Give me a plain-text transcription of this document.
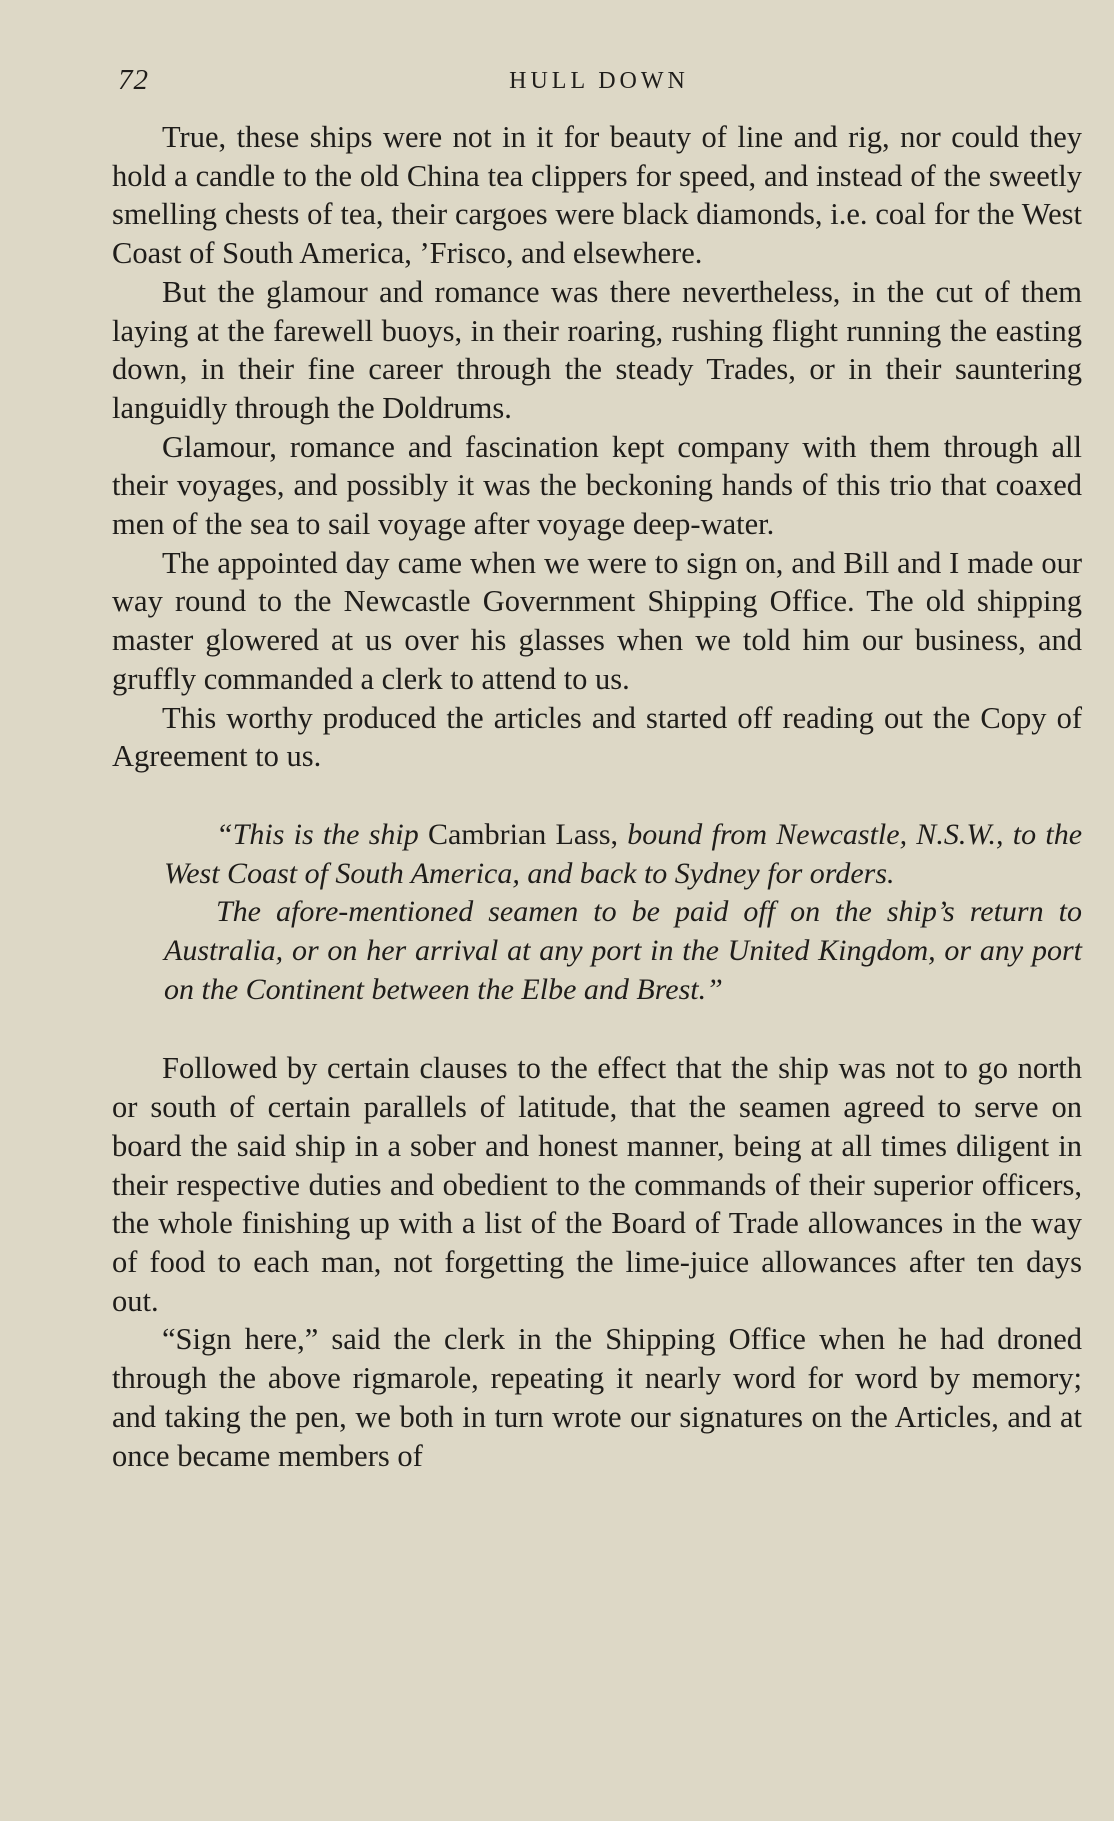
72	HULL DOWN

True, these ships were not in it for beauty of line and rig, nor could they hold a candle to the old China tea clippers for speed, and instead of the sweetly smelling chests of tea, their cargoes were black diamonds, i.e. coal for the West Coast of South America, ’Frisco, and elsewhere.

But the glamour and romance was there nevertheless, in the cut of them laying at the farewell buoys, in their roaring, rushing flight running the easting down, in their fine career through the steady Trades, or in their sauntering languidly through the Doldrums.

Glamour, romance and fascination kept company with them through all their voyages, and possibly it was the beckoning hands of this trio that coaxed men of the sea to sail voyage after voyage deep-water.

The appointed day came when we were to sign on, and Bill and I made our way round to the Newcastle Government Shipping Office. The old shipping master glowered at us over his glasses when we told him our business, and gruffly commanded a clerk to attend to us.

This worthy produced the articles and started off reading out the Copy of Agreement to us.

“This is the ship Cambrian Lass, bound from Newcastle, N.S.W., to the West Coast of South America, and back to Sydney for orders.

The afore-mentioned seamen to be paid off on the ship’s return to Australia, or on her arrival at any port in the United Kingdom, or any port on the Continent between the Elbe and Brest.”

Followed by certain clauses to the effect that the ship was not to go north or south of certain parallels of latitude, that the seamen agreed to serve on board the said ship in a sober and honest manner, being at all times diligent in their respective duties and obedient to the commands of their superior officers, the whole finishing up with a list of the Board of Trade allowances in the way of food to each man, not forgetting the lime-juice allowances after ten days out.

“Sign here,” said the clerk in the Shipping Office when he had droned through the above rigmarole, repeating it nearly word for word by memory; and taking the pen, we both in turn wrote our signatures on the Articles, and at once became members of
